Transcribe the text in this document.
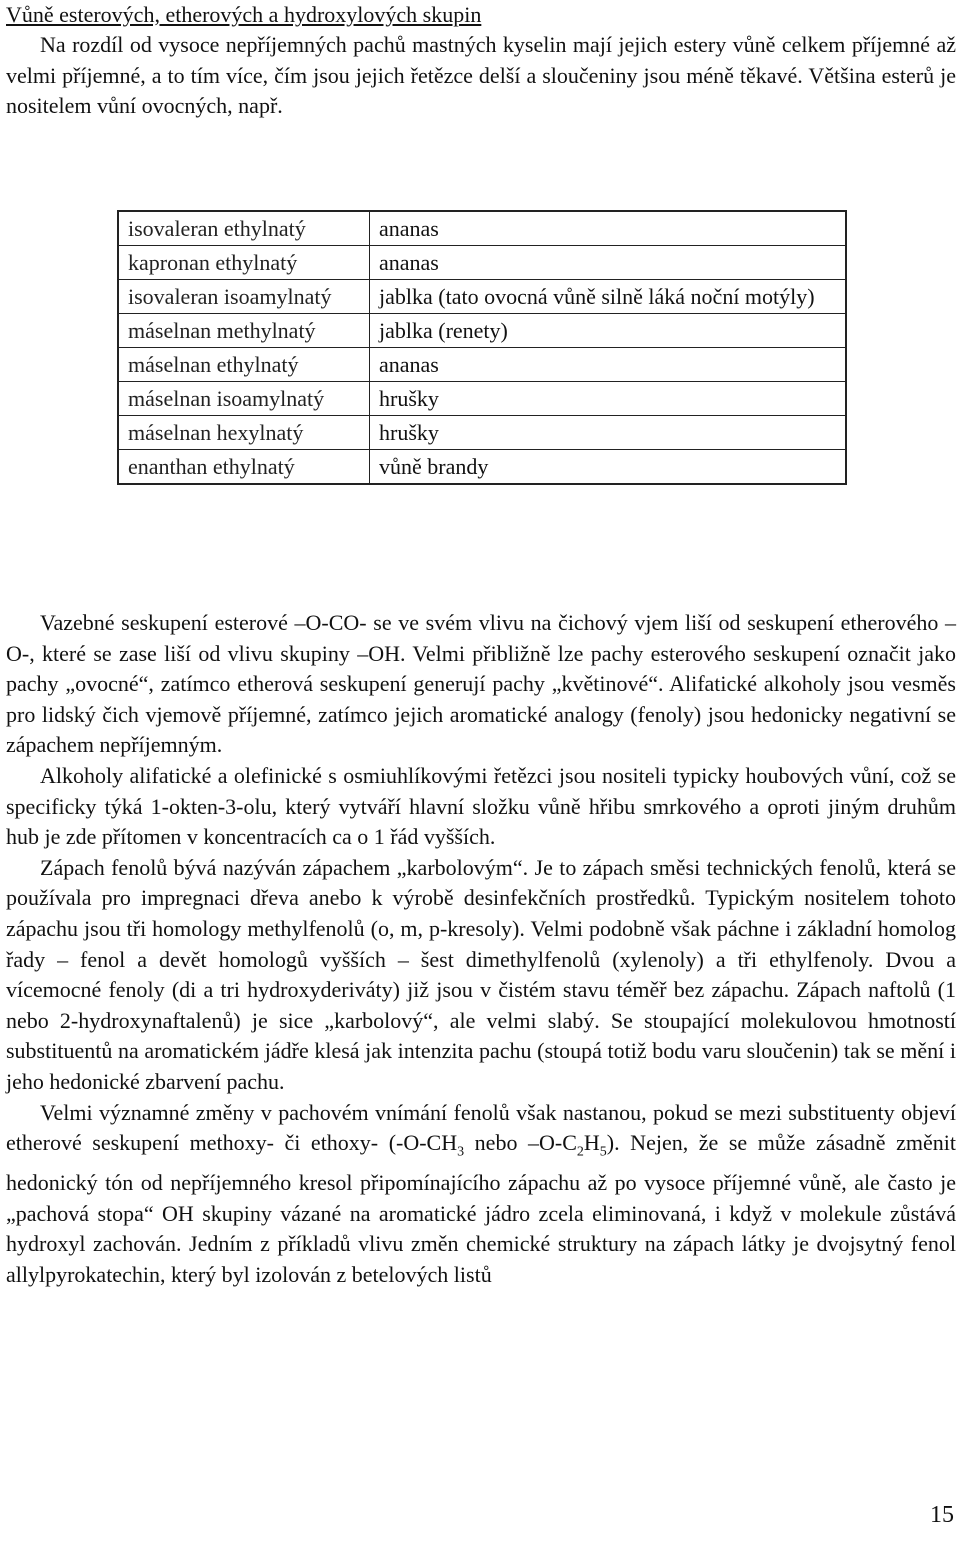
Vůně esterových, etherových a hydroxylových skupin

Na rozdíl od vysoce nepříjemných pachů mastných kyselin mají jejich estery vůně celkem příjemné až velmi příjemné, a to tím více, čím jsou jejich řetězce delší a sloučeniny jsou méně těkavé. Většina esterů je nositelem vůní ovocných, např.

isovaleran ethylnatý	ananas
kapronan ethylnatý	ananas
isovaleran isoamylnatý	jablka (tato ovocná vůně silně láká noční motýly)
máselnan methylnatý	jablka (renety)
máselnan ethylnatý	ananas
máselnan isoamylnatý	hrušky
máselnan hexylnatý	hrušky
enanthan ethylnatý	vůně brandy

Vazebné seskupení esterové –O-CO- se ve svém vlivu na čichový vjem liší od seskupení etherového –O-, které se zase liší od vlivu skupiny –OH. Velmi přibližně lze pachy esterového seskupení označit jako pachy „ovocné“, zatímco etherová seskupení generují pachy „květinové“. Alifatické alkoholy jsou vesměs pro lidský čich vjemově příjemné, zatímco jejich aromatické analogy (fenoly) jsou hedonicky negativní se zápachem nepříjemným.

Alkoholy alifatické a olefinické s osmiuhlíkovými řetězci jsou nositeli typicky houbových vůní, což se specificky týká 1-okten-3-olu, který vytváří hlavní složku vůně hřibu smrkového a oproti jiným druhům hub je zde přítomen v koncentracích ca o 1 řád vyšších.

Zápach fenolů bývá nazýván zápachem „karbolovým“. Je to zápach směsi technických fenolů, která se používala pro impregnaci dřeva anebo k výrobě desinfekčních prostředků. Typickým nositelem tohoto zápachu jsou tři homology methylfenolů (o, m, p-kresoly). Velmi podobně však páchne i základní homolog řady – fenol a devět homologů vyšších – šest dimethylfenolů (xylenoly) a tři ethylfenoly. Dvou a vícemocné fenoly (di a tri hydroxyderiváty) již jsou v čistém stavu téměř bez zápachu. Zápach naftolů (1 nebo 2-hydroxynaftalenů) je sice „karbolový“, ale velmi slabý. Se stoupající molekulovou hmotností substituentů na aromatickém jádře klesá jak intenzita pachu (stoupá totiž bodu varu sloučenin) tak se mění i jeho hedonické zbarvení pachu.

Velmi významné změny v pachovém vnímání fenolů však nastanou, pokud se mezi substituenty objeví etherové seskupení methoxy- či ethoxy- ($-O-CH_3$ nebo $-O-C_2H_5$). Nejen, že se může zásadně změnit hedonický tón od nepříjemného kresol připomínajícího zápachu až po vysoce příjemné vůně, ale často je „pachová stopa“ OH skupiny vázané na aromatické jádro zcela eliminovaná, i když v molekule zůstává hydroxyl zachován. Jedním z příkladů vlivu změn chemické struktury na zápach látky je dvojsytný fenol allylpyrokatechin, který byl izolován z betelových listů

15
